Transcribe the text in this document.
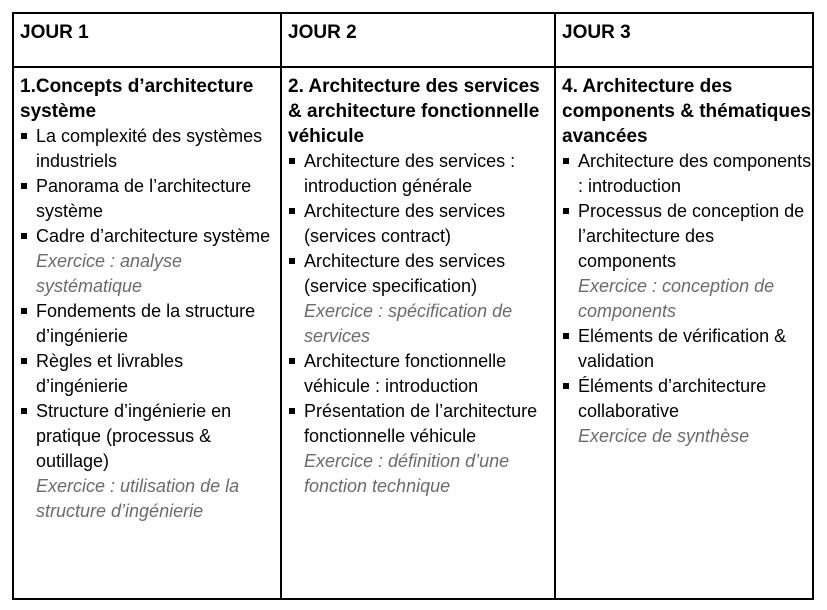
JOUR 1	JOUR 2	JOUR 3
1.Concepts d’architecture système
La complexité des systèmes industriels
Panorama de l’architecture système
Cadre d’architecture système
Exercice : analyse systématique
Fondements de la structure d’ingénierie
Règles et livrables d’ingénierie
Structure d’ingénierie en pratique (processus & outillage)
Exercice : utilisation de la structure d’ingénierie
2. Architecture des services & architecture fonctionnelle véhicule
Architecture des services : introduction générale
Architecture des services (services contract)
Architecture des services (service specification)
Exercice : spécification de services
Architecture fonctionnelle véhicule : introduction
Présentation de l’architecture fonctionnelle véhicule
Exercice : définition d’une fonction technique
4. Architecture des components & thématiques avancées
Architecture des components : introduction
Processus de conception de l’architecture des components
Exercice : conception de components
Eléments de vérification & validation
Éléments d’architecture collaborative
Exercice de synthèse
